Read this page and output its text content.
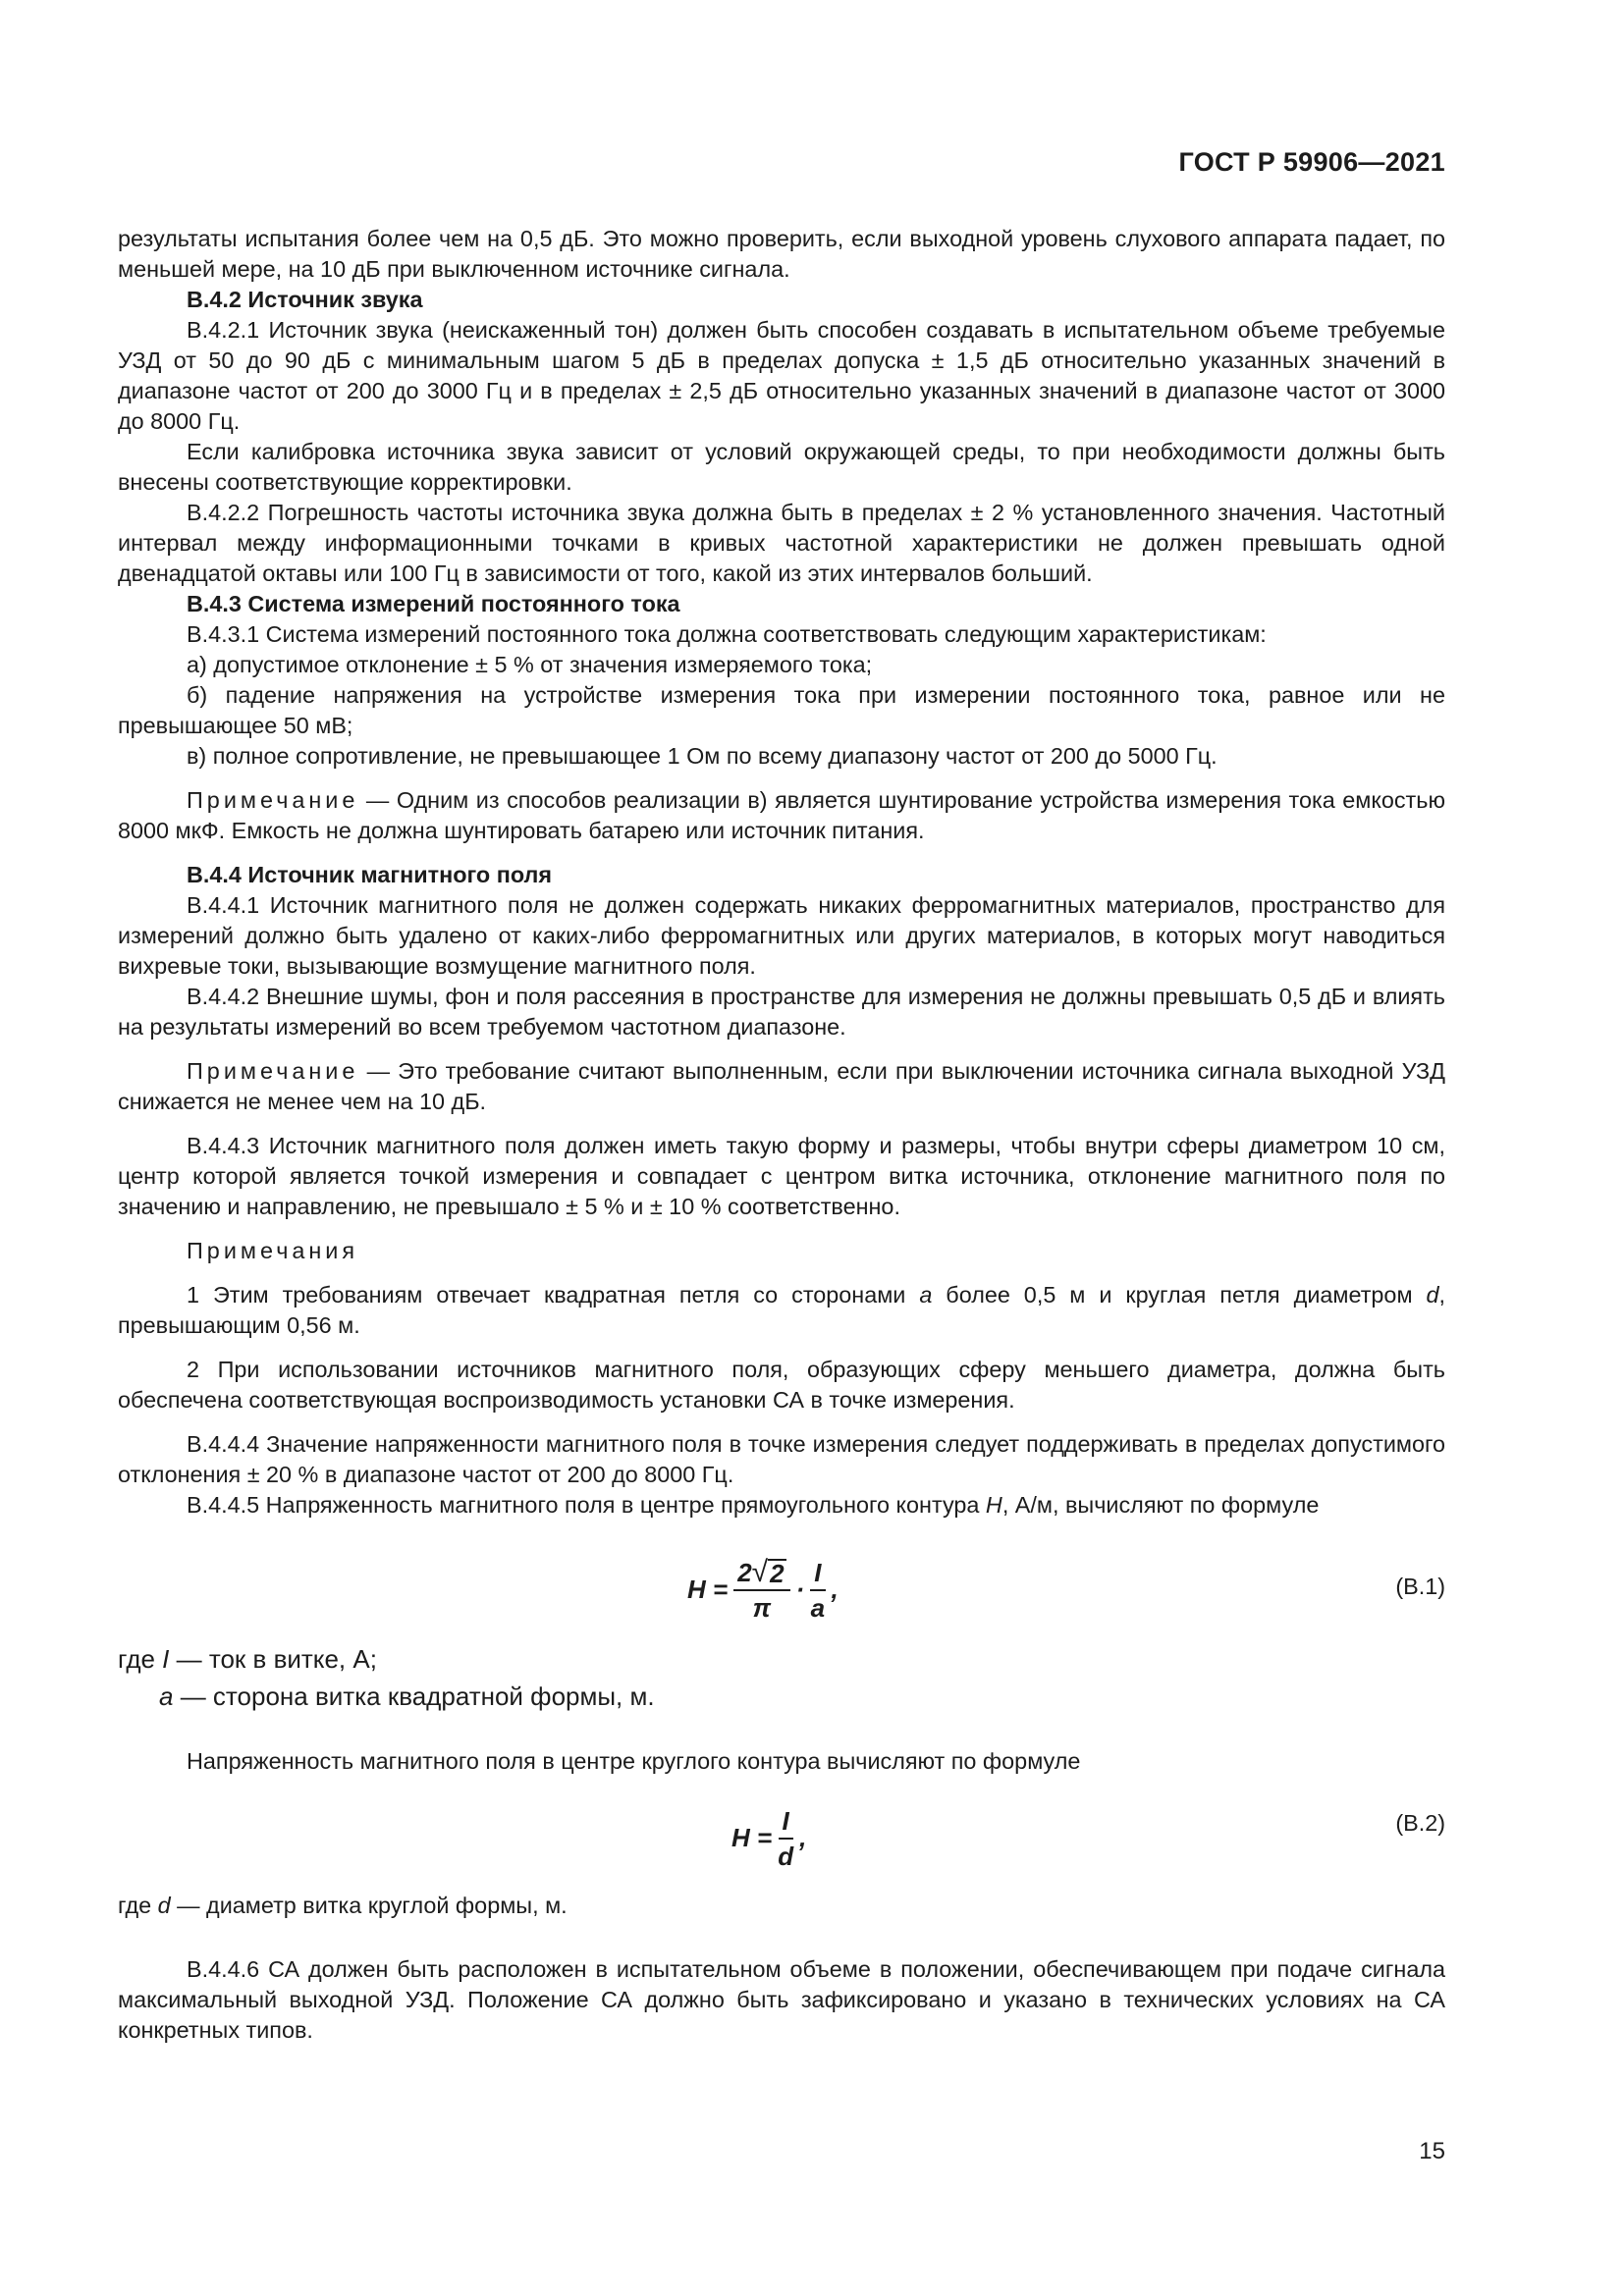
ГОСТ Р 59906—2021

результаты испытания более чем на 0,5 дБ. Это можно проверить, если выходной уровень слухового аппарата падает, по меньшей мере, на 10 дБ при выключенном источнике сигнала.

В.4.2 Источник звука

В.4.2.1 Источник звука (неискаженный тон) должен быть способен создавать в испытательном объеме требуемые УЗД от 50 до 90 дБ с минимальным шагом 5 дБ в пределах допуска ± 1,5 дБ относительно указанных значений в диапазоне частот от 200 до 3000 Гц и в пределах ± 2,5 дБ относительно указанных значений в диапазоне частот от 3000 до 8000 Гц.

Если калибровка источника звука зависит от условий окружающей среды, то при необходимости должны быть внесены соответствующие корректировки.

В.4.2.2 Погрешность частоты источника звука должна быть в пределах ± 2 % установленного значения. Частотный интервал между информационными точками в кривых частотной характеристики не должен превышать одной двенадцатой октавы или 100 Гц в зависимости от того, какой из этих интервалов больший.

В.4.3 Система измерений постоянного тока

В.4.3.1 Система измерений постоянного тока должна соответствовать следующим характеристикам:

а) допустимое отклонение ± 5 % от значения измеряемого тока;

б) падение напряжения на устройстве измерения тока при измерении постоянного тока, равное или не превышающее 50 мВ;

в) полное сопротивление, не превышающее 1 Ом по всему диапазону частот от 200 до 5000 Гц.

Примечание — Одним из способов реализации в) является шунтирование устройства измерения тока емкостью 8000 мкФ. Емкость не должна шунтировать батарею или источник питания.

В.4.4 Источник магнитного поля

В.4.4.1 Источник магнитного поля не должен содержать никаких ферромагнитных материалов, пространство для измерений должно быть удалено от каких-либо ферромагнитных или других материалов, в которых могут наводиться вихревые токи, вызывающие возмущение магнитного поля.

В.4.4.2 Внешние шумы, фон и поля рассеяния в пространстве для измерения не должны превышать 0,5 дБ и влиять на результаты измерений во всем требуемом частотном диапазоне.

Примечание — Это требование считают выполненным, если при выключении источника сигнала выходной УЗД снижается не менее чем на 10 дБ.

В.4.4.3 Источник магнитного поля должен иметь такую форму и размеры, чтобы внутри сферы диаметром 10 см, центр которой является точкой измерения и совпадает с центром витка источника, отклонение магнитного поля по значению и направлению, не превышало ± 5 % и ± 10 % соответственно.

Примечания

1 Этим требованиям отвечает квадратная петля со сторонами a более 0,5 м и круглая петля диаметром d, превышающим 0,56 м.

2 При использовании источников магнитного поля, образующих сферу меньшего диаметра, должна быть обеспечена соответствующая воспроизводимость установки СА в точке измерения.

В.4.4.4 Значение напряженности магнитного поля в точке измерения следует поддерживать в пределах допустимого отклонения ± 20 % в диапазоне частот от 200 до 8000 Гц.

В.4.4.5 Напряженность магнитного поля в центре прямоугольного контура H, А/м, вычисляют по формуле

$H = \frac{2 √ 2}{\pi} \cdot \frac{I}{a}$ ,	(В.1)

где I — ток в витке, А;

a — сторона витка квадратной формы, м.

Напряженность магнитного поля в центре круглого контура вычисляют по формуле

$H = \frac{I}{d}$ ,	(В.2)

где d — диаметр витка круглой формы, м.

В.4.4.6 СА должен быть расположен в испытательном объеме в положении, обеспечивающем при подаче сигнала максимальный выходной УЗД. Положение СА должно быть зафиксировано и указано в технических условиях на СА конкретных типов.

15
